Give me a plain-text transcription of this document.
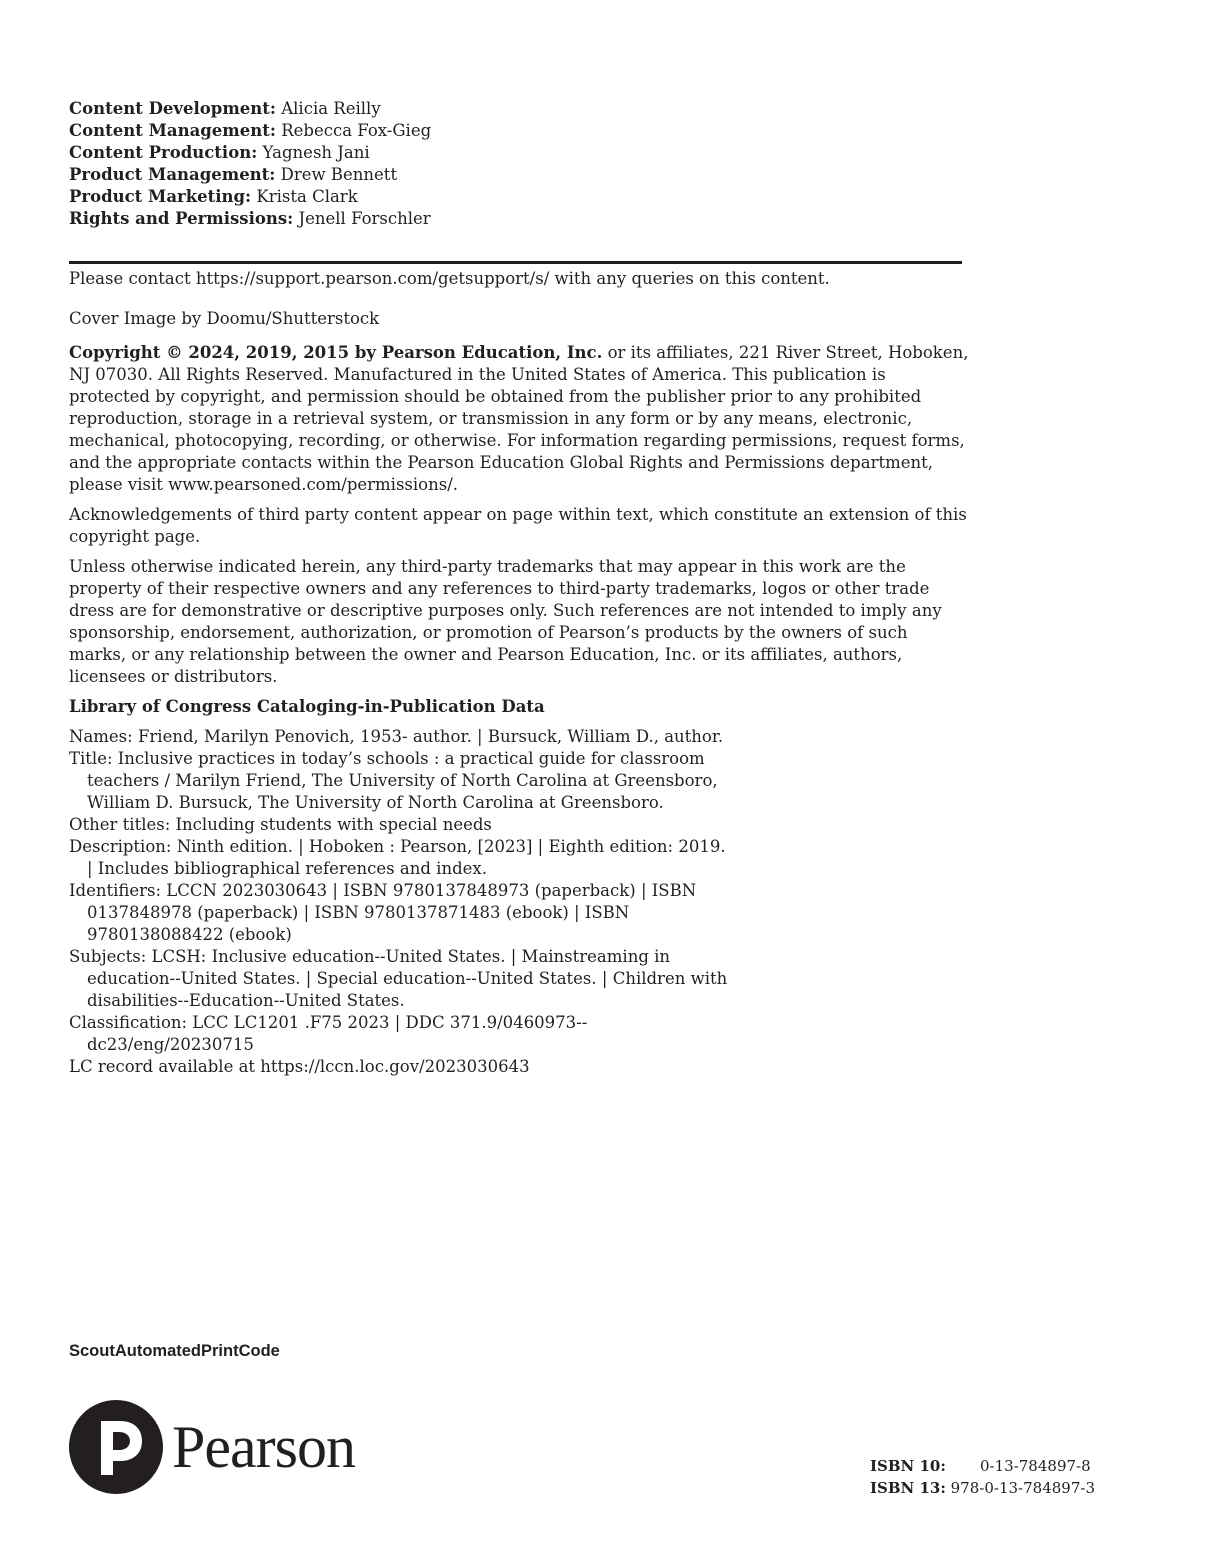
Content Development: Alicia Reilly
Content Management: Rebecca Fox-Gieg
Content Production: Yagnesh Jani
Product Management: Drew Bennett
Product Marketing: Krista Clark
Rights and Permissions: Jenell Forschler

Please contact https://support.pearson.com/getsupport/s/ with any queries on this content.

Cover Image by Doomu/Shutterstock

Copyright © 2024, 2019, 2015 by Pearson Education, Inc. or its affiliates, 221 River Street, Hoboken, NJ 07030. All Rights Reserved. Manufactured in the United States of America. This publication is protected by copyright, and permission should be obtained from the publisher prior to any prohibited reproduction, storage in a retrieval system, or transmission in any form or by any means, electronic, mechanical, photocopying, recording, or otherwise. For information regarding permissions, request forms, and the appropriate contacts within the Pearson Education Global Rights and Permissions department, please visit www.pearsoned.com/permissions/.

Acknowledgements of third party content appear on page within text, which constitute an extension of this copyright page.

Unless otherwise indicated herein, any third-party trademarks that may appear in this work are the property of their respective owners and any references to third-party trademarks, logos or other trade dress are for demonstrative or descriptive purposes only. Such references are not intended to imply any sponsorship, endorsement, authorization, or promotion of Pearson’s products by the owners of such marks, or any relationship between the owner and Pearson Education, Inc. or its affiliates, authors, licensees or distributors.

Library of Congress Cataloging-in-Publication Data

Names: Friend, Marilyn Penovich, 1953- author. | Bursuck, William D., author.
Title: Inclusive practices in today’s schools : a practical guide for classroom teachers / Marilyn Friend, The University of North Carolina at Greensboro, William D. Bursuck, The University of North Carolina at Greensboro.
Other titles: Including students with special needs
Description: Ninth edition. | Hoboken : Pearson, [2023] | Eighth edition: 2019. | Includes bibliographical references and index.
Identifiers: LCCN 2023030643 | ISBN 9780137848973 (paperback) | ISBN 0137848978 (paperback) | ISBN 9780137871483 (ebook) | ISBN 9780138088422 (ebook)
Subjects: LCSH: Inclusive education--United States. | Mainstreaming in education--United States. | Special education--United States. | Children with disabilities--Education--United States.
Classification: LCC LC1201 .F75 2023 | DDC 371.9/0460973--dc23/eng/20230715
LC record available at https://lccn.loc.gov/2023030643
ScoutAutomatedPrintCode
Pearson	ISBN 10: 0-13-784897-8
ISBN 13: 978-0-13-784897-3
